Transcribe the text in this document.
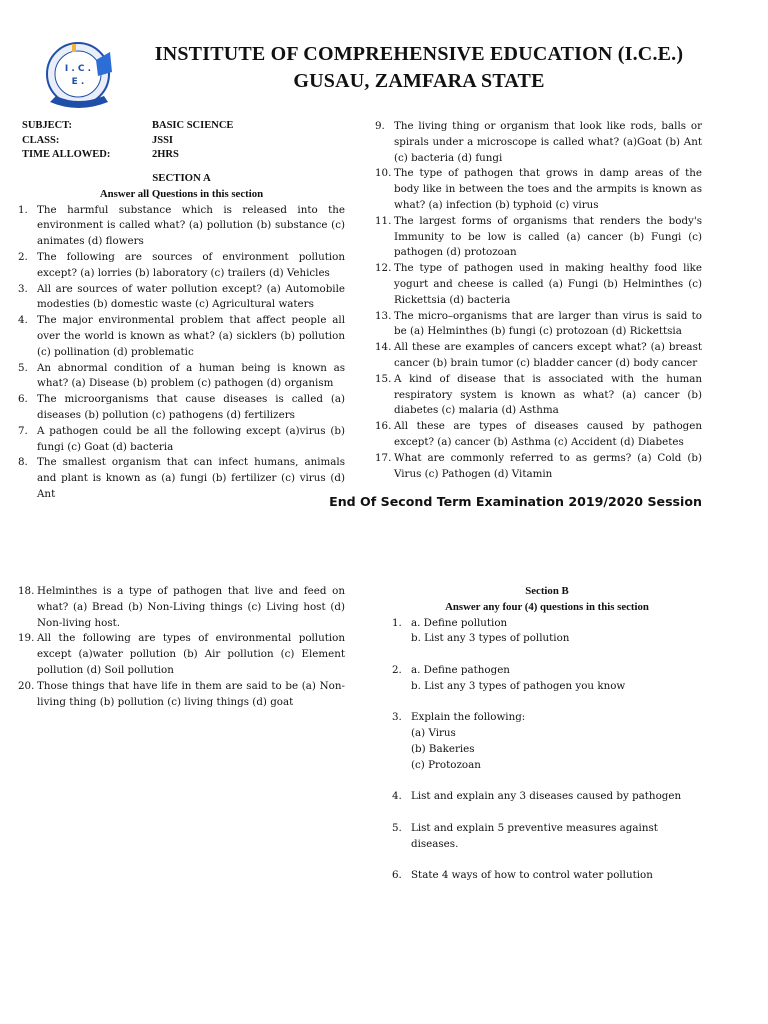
I . C .
E .
INSTITUTE OF COMPREHENSIVE EDUCATION (I.C.E.)
GUSAU, ZAMFARA STATE
SUBJECT:	BASIC SCIENCE
CLASS:	JSSI
TIME ALLOWED:	2HRS
SECTION A
Answer all Questions in this section
1. The harmful substance which is released into the environment is called what? (a) pollution (b) substance (c) animates (d) flowers
2. The following are sources of environment pollution except? (a) lorries (b) laboratory (c) trailers (d) Vehicles
3. All are sources of water pollution except? (a) Automobile modesties (b) domestic waste (c) Agricultural waters
4. The major environmental problem that affect people all over the world is known as what? (a) sicklers (b) pollution (c) pollination (d) problematic
5. An abnormal condition of a human being is known as what? (a) Disease (b) problem (c) pathogen (d) organism
6. The microorganisms that cause diseases is called (a) diseases (b) pollution (c) pathogens (d) fertilizers
7. A pathogen could be all the following except (a)virus (b) fungi (c) Goat (d) bacteria
8. The smallest organism that can infect humans, animals and plant is known as (a) fungi (b) fertilizer (c) virus (d) Ant
9. The living thing or organism that look like rods, balls or spirals under a microscope is called what? (a)Goat (b) Ant (c) bacteria (d) fungi
10. The type of pathogen that grows in damp areas of the body like in between the toes and the armpits is known as what? (a) infection (b) typhoid (c) virus
11. The largest forms of organisms that renders the body's Immunity to be low is called (a) cancer (b) Fungi (c) pathogen (d) protozoan
12. The type of pathogen used in making healthy food like yogurt and cheese is called (a) Fungi (b) Helminthes (c) Rickettsia (d) bacteria
13. The micro–organisms that are larger than virus is said to be (a) Helminthes (b) fungi (c) protozoan (d) Rickettsia
14. All these are examples of cancers except what? (a) breast cancer (b) brain tumor (c) bladder cancer (d) body cancer
15. A kind of disease that is associated with the human respiratory system is known as what? (a) cancer (b) diabetes (c) malaria (d) Asthma
16. All these are types of diseases caused by pathogen except? (a) cancer (b) Asthma (c) Accident (d) Diabetes
17. What are commonly referred to as germs? (a) Cold (b) Virus (c) Pathogen (d) Vitamin
End Of Second Term Examination 2019/2020 Session
18. Helminthes is a type of pathogen that live and feed on what? (a) Bread (b) Non-Living things (c) Living host (d) Non-living host.
19. All the following are types of environmental pollution except (a)water pollution (b) Air pollution (c) Element pollution (d) Soil pollution
20. Those things that have life in them are said to be (a) Non-living thing (b) pollution (c) living things (d) goat
Section B
Answer any four (4) questions in this section
1. a. Define pollution
b. List any 3 types of pollution
2. a. Define pathogen
b. List any 3 types of pathogen you know
3. Explain the following:
(a) Virus
(b) Bakeries
(c) Protozoan
4. List and explain any 3 diseases caused by pathogen
5. List and explain 5 preventive measures against diseases.
6. State 4 ways of how to control water pollution
